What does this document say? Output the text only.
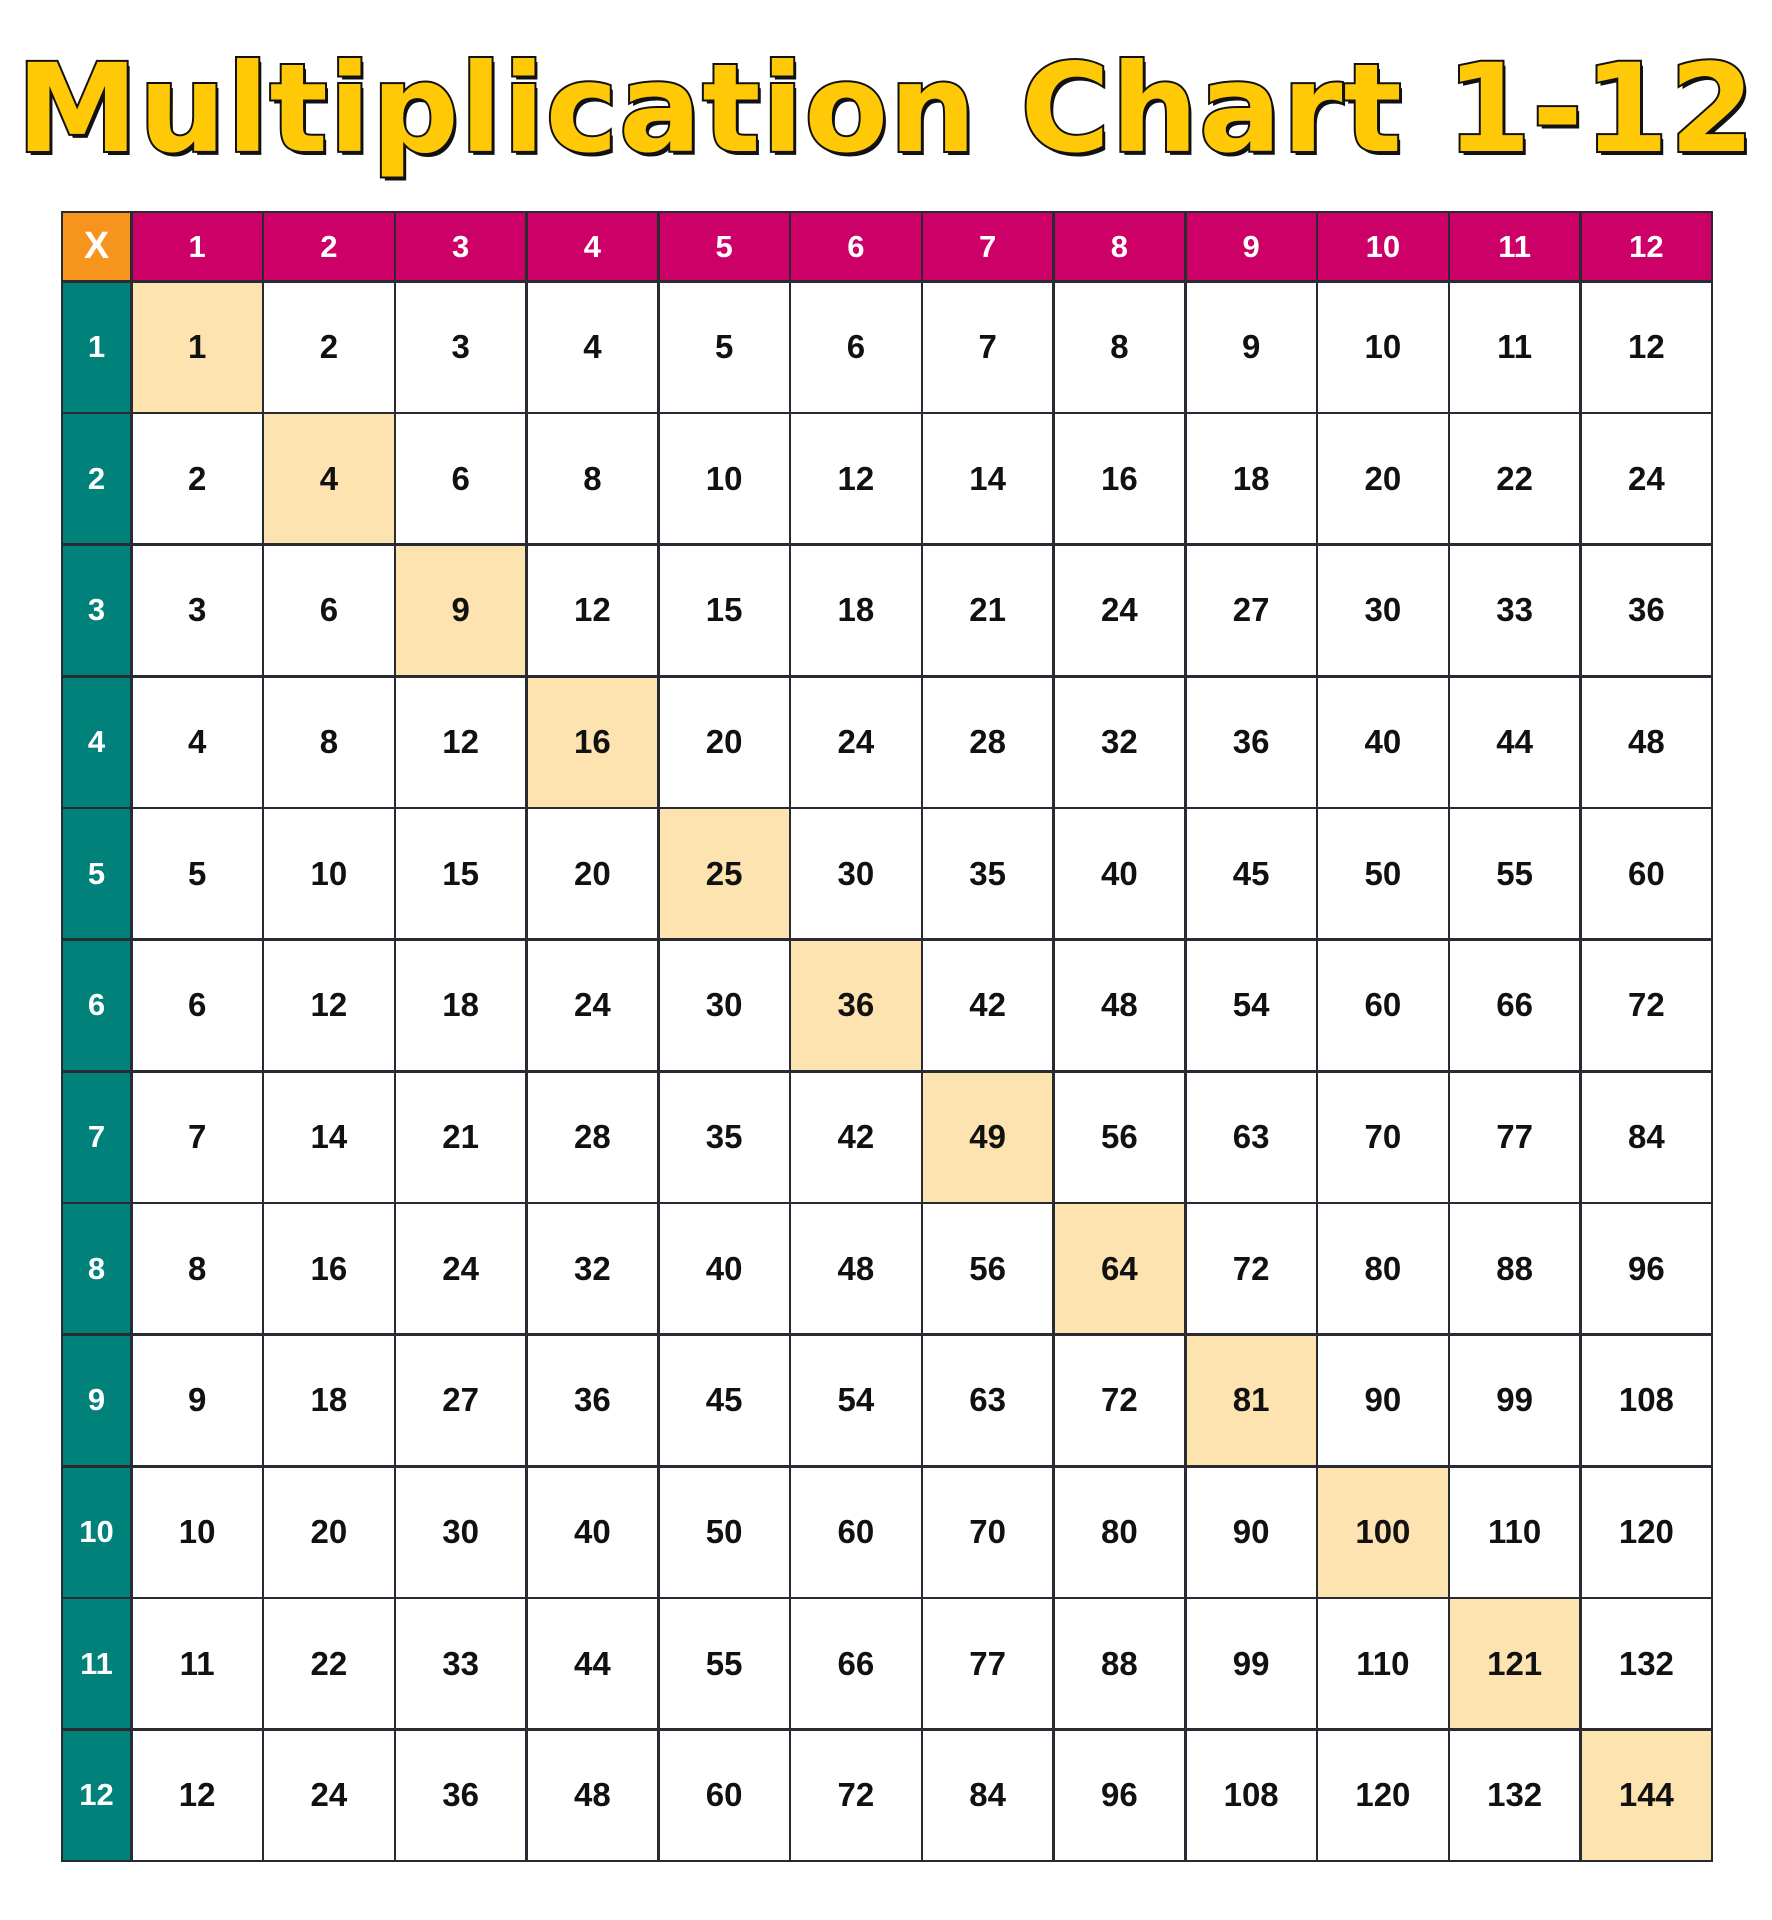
Multiplication Chart 1-12
X	1	2	3	4	5	6	7	8	9	10	11	12
1	1	2	3	4	5	6	7	8	9	10	11	12
2	2	4	6	8	10	12	14	16	18	20	22	24
3	3	6	9	12	15	18	21	24	27	30	33	36
4	4	8	12	16	20	24	28	32	36	40	44	48
5	5	10	15	20	25	30	35	40	45	50	55	60
6	6	12	18	24	30	36	42	48	54	60	66	72
7	7	14	21	28	35	42	49	56	63	70	77	84
8	8	16	24	32	40	48	56	64	72	80	88	96
9	9	18	27	36	45	54	63	72	81	90	99	108
10	10	20	30	40	50	60	70	80	90	100	110	120
11	11	22	33	44	55	66	77	88	99	110	121	132
12	12	24	36	48	60	72	84	96	108	120	132	144
